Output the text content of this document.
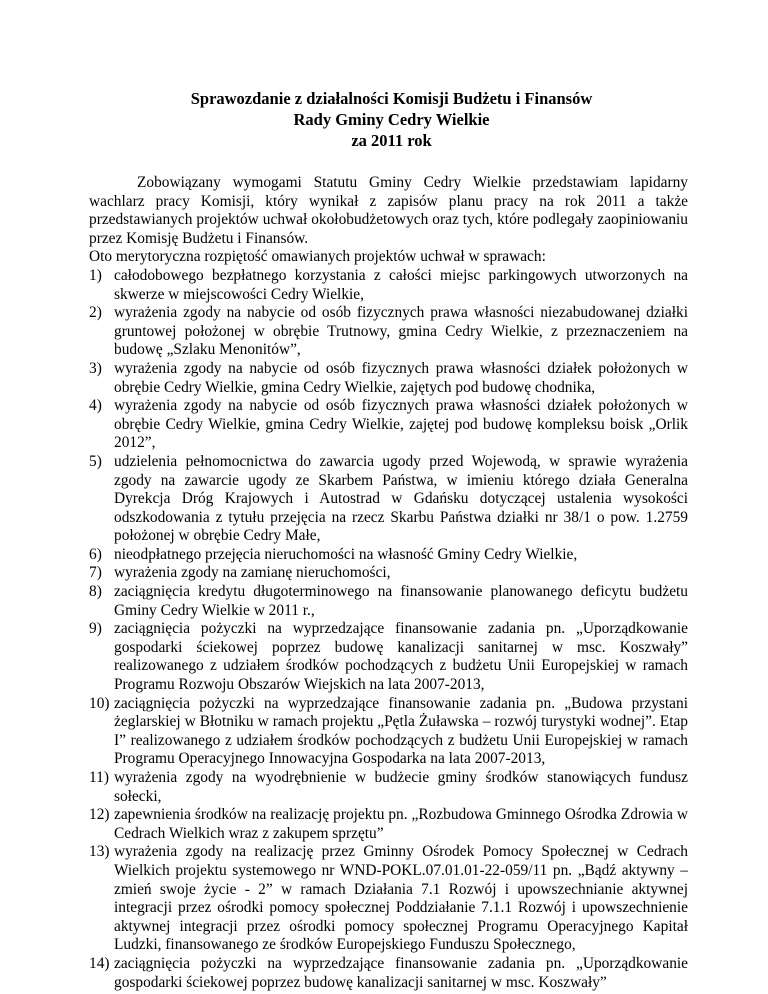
Sprawozdanie z działalności Komisji Budżetu i Finansów
Rady Gminy Cedry Wielkie
za 2011 rok
Zobowiązany wymogami Statutu Gminy Cedry Wielkie przedstawiam lapidarny wachlarz pracy Komisji, który wynikał z zapisów planu pracy na rok 2011 a także przedstawianych projektów uchwał okołobudżetowych oraz tych, które podlegały zaopiniowaniu przez Komisję Budżetu i Finansów.
Oto merytoryczna rozpiętość omawianych projektów uchwał w sprawach:
1) całodobowego bezpłatnego korzystania z całości miejsc parkingowych utworzonych na skwerze w miejscowości Cedry Wielkie,
2) wyrażenia zgody na nabycie od osób fizycznych prawa własności niezabudowanej działki gruntowej położonej w obrębie Trutnowy, gmina Cedry Wielkie, z przeznaczeniem na budowę „Szlaku Menonitów”,
3) wyrażenia zgody na nabycie od osób fizycznych prawa własności działek położonych w obrębie Cedry Wielkie, gmina Cedry Wielkie, zajętych pod budowę chodnika,
4) wyrażenia zgody na nabycie od osób fizycznych prawa własności działek położonych w obrębie Cedry Wielkie, gmina Cedry Wielkie, zajętej pod budowę kompleksu boisk „Orlik 2012”,
5) udzielenia pełnomocnictwa do zawarcia ugody przed Wojewodą, w sprawie wyrażenia zgody na zawarcie ugody ze Skarbem Państwa, w imieniu którego działa Generalna Dyrekcja Dróg Krajowych i Autostrad w Gdańsku dotyczącej ustalenia wysokości odszkodowania z tytułu przejęcia na rzecz Skarbu Państwa działki nr 38/1 o pow. 1.2759 położonej w obrębie Cedry Małe,
6) nieodpłatnego przejęcia nieruchomości na własność Gminy Cedry Wielkie,
7) wyrażenia zgody na zamianę nieruchomości,
8) zaciągnięcia kredytu długoterminowego na finansowanie planowanego deficytu budżetu Gminy Cedry Wielkie w 2011 r.,
9) zaciągnięcia pożyczki na wyprzedzające finansowanie zadania pn. „Uporządkowanie gospodarki ściekowej poprzez budowę kanalizacji sanitarnej w msc. Koszwały” realizowanego z udziałem środków pochodzących z budżetu Unii Europejskiej w ramach Programu Rozwoju Obszarów Wiejskich na lata 2007-2013,
10) zaciągnięcia pożyczki na wyprzedzające finansowanie zadania pn. „Budowa przystani żeglarskiej w Błotniku w ramach projektu „Pętla Żuławska – rozwój turystyki wodnej”. Etap I” realizowanego z udziałem środków pochodzących z budżetu Unii Europejskiej w ramach Programu Operacyjnego Innowacyjna Gospodarka na lata 2007-2013,
11) wyrażenia zgody na wyodrębnienie w budżecie gminy środków stanowiących fundusz sołecki,
12) zapewnienia środków na realizację projektu pn. „Rozbudowa Gminnego Ośrodka Zdrowia w Cedrach Wielkich wraz z zakupem sprzętu”
13) wyrażenia zgody na realizację przez Gminny Ośrodek Pomocy Społecznej w Cedrach Wielkich projektu systemowego nr WND-POKL.07.01.01-22-059/11 pn. „Bądź aktywny – zmień swoje życie - 2” w ramach Działania 7.1 Rozwój i upowszechnianie aktywnej integracji przez ośrodki pomocy społecznej Poddziałanie 7.1.1 Rozwój i upowszechnienie aktywnej integracji przez ośrodki pomocy społecznej Programu Operacyjnego Kapitał Ludzki, finansowanego ze środków Europejskiego Funduszu Społecznego,
14) zaciągnięcia pożyczki na wyprzedzające finansowanie zadania pn. „Uporządkowanie gospodarki ściekowej poprzez budowę kanalizacji sanitarnej w msc. Koszwały”
